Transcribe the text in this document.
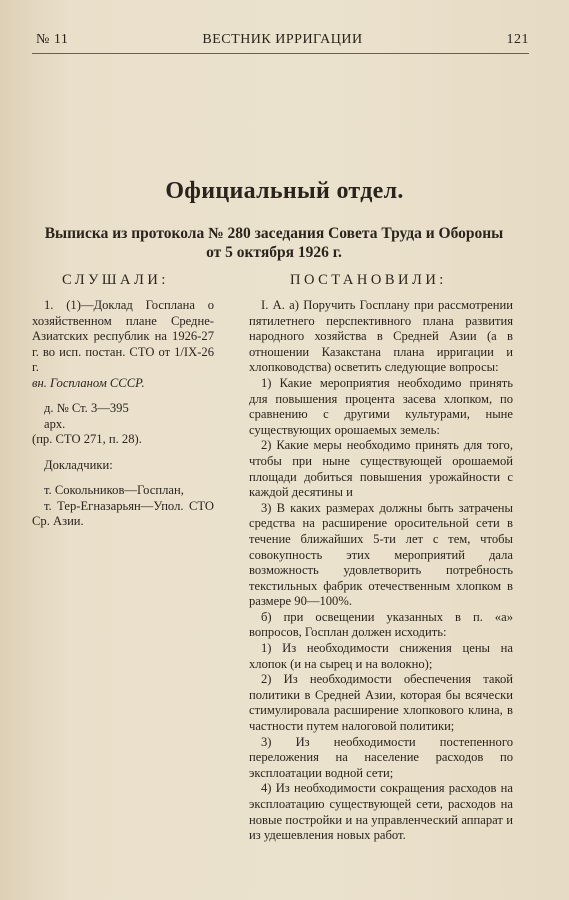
№ 11	ВЕСТНИК ИРРИГАЦИИ	121
Официальный отдел.
Выписка из протокола № 280 заседания Совета Труда и Обороны
от 5 октября 1926 г.
СЛУШАЛИ:	ПОСТАНОВИЛИ:

1. (1)—Доклад Госплана о хозяйственном плане Средне-Азиатских республик на 1926-27 г. во исп. постан. СТО от 1/IX-26 г.

вн. Госпланом СССР.

д. № Ст. 3—395

арх.

(пр. СТО 271, п. 28).

Докладчики:

т. Сокольников—Госплан,

т. Тер-Егназарьян—Упол. СТО Ср. Азии.

I. А. а) Поручить Госплану при рассмотрении пятилетнего перспективного плана развития народного хозяйства в Средней Азии (а в отношении Казакстана плана ирригации и хлопководства) осветить следующие вопросы:

1) Какие мероприятия необходимо принять для повышения процента засева хлопком, по сравнению с другими культурами, ныне существующих орошаемых земель:

2) Какие меры необходимо принять для того, чтобы при ныне существующей орошаемой площади добиться повышения урожайности с каждой десятины и

3) В каких размерах должны быть затрачены средства на расширение оросительной сети в течение ближайших 5-ти лет с тем, чтобы совокупность этих мероприятий дала возможность удовлетворить потребность текстильных фабрик отечественным хлопком в размере 90—100%.

б) при освещении указанных в п. «а» вопросов, Госплан должен исходить:

1) Из необходимости снижения цены на хлопок (и на сырец и на волокно);

2) Из необходимости обеспечения такой политики в Средней Азии, которая бы всячески стимулировала расширение хлопкового клина, в частности путем налоговой политики;

3) Из необходимости постепенного переложения на население расходов по эксплоатации водной сети;

4) Из необходимости сокращения расходов на эксплоатацию существующей сети, расходов на новые постройки и на управленческий аппарат и из удешевления новых работ.
